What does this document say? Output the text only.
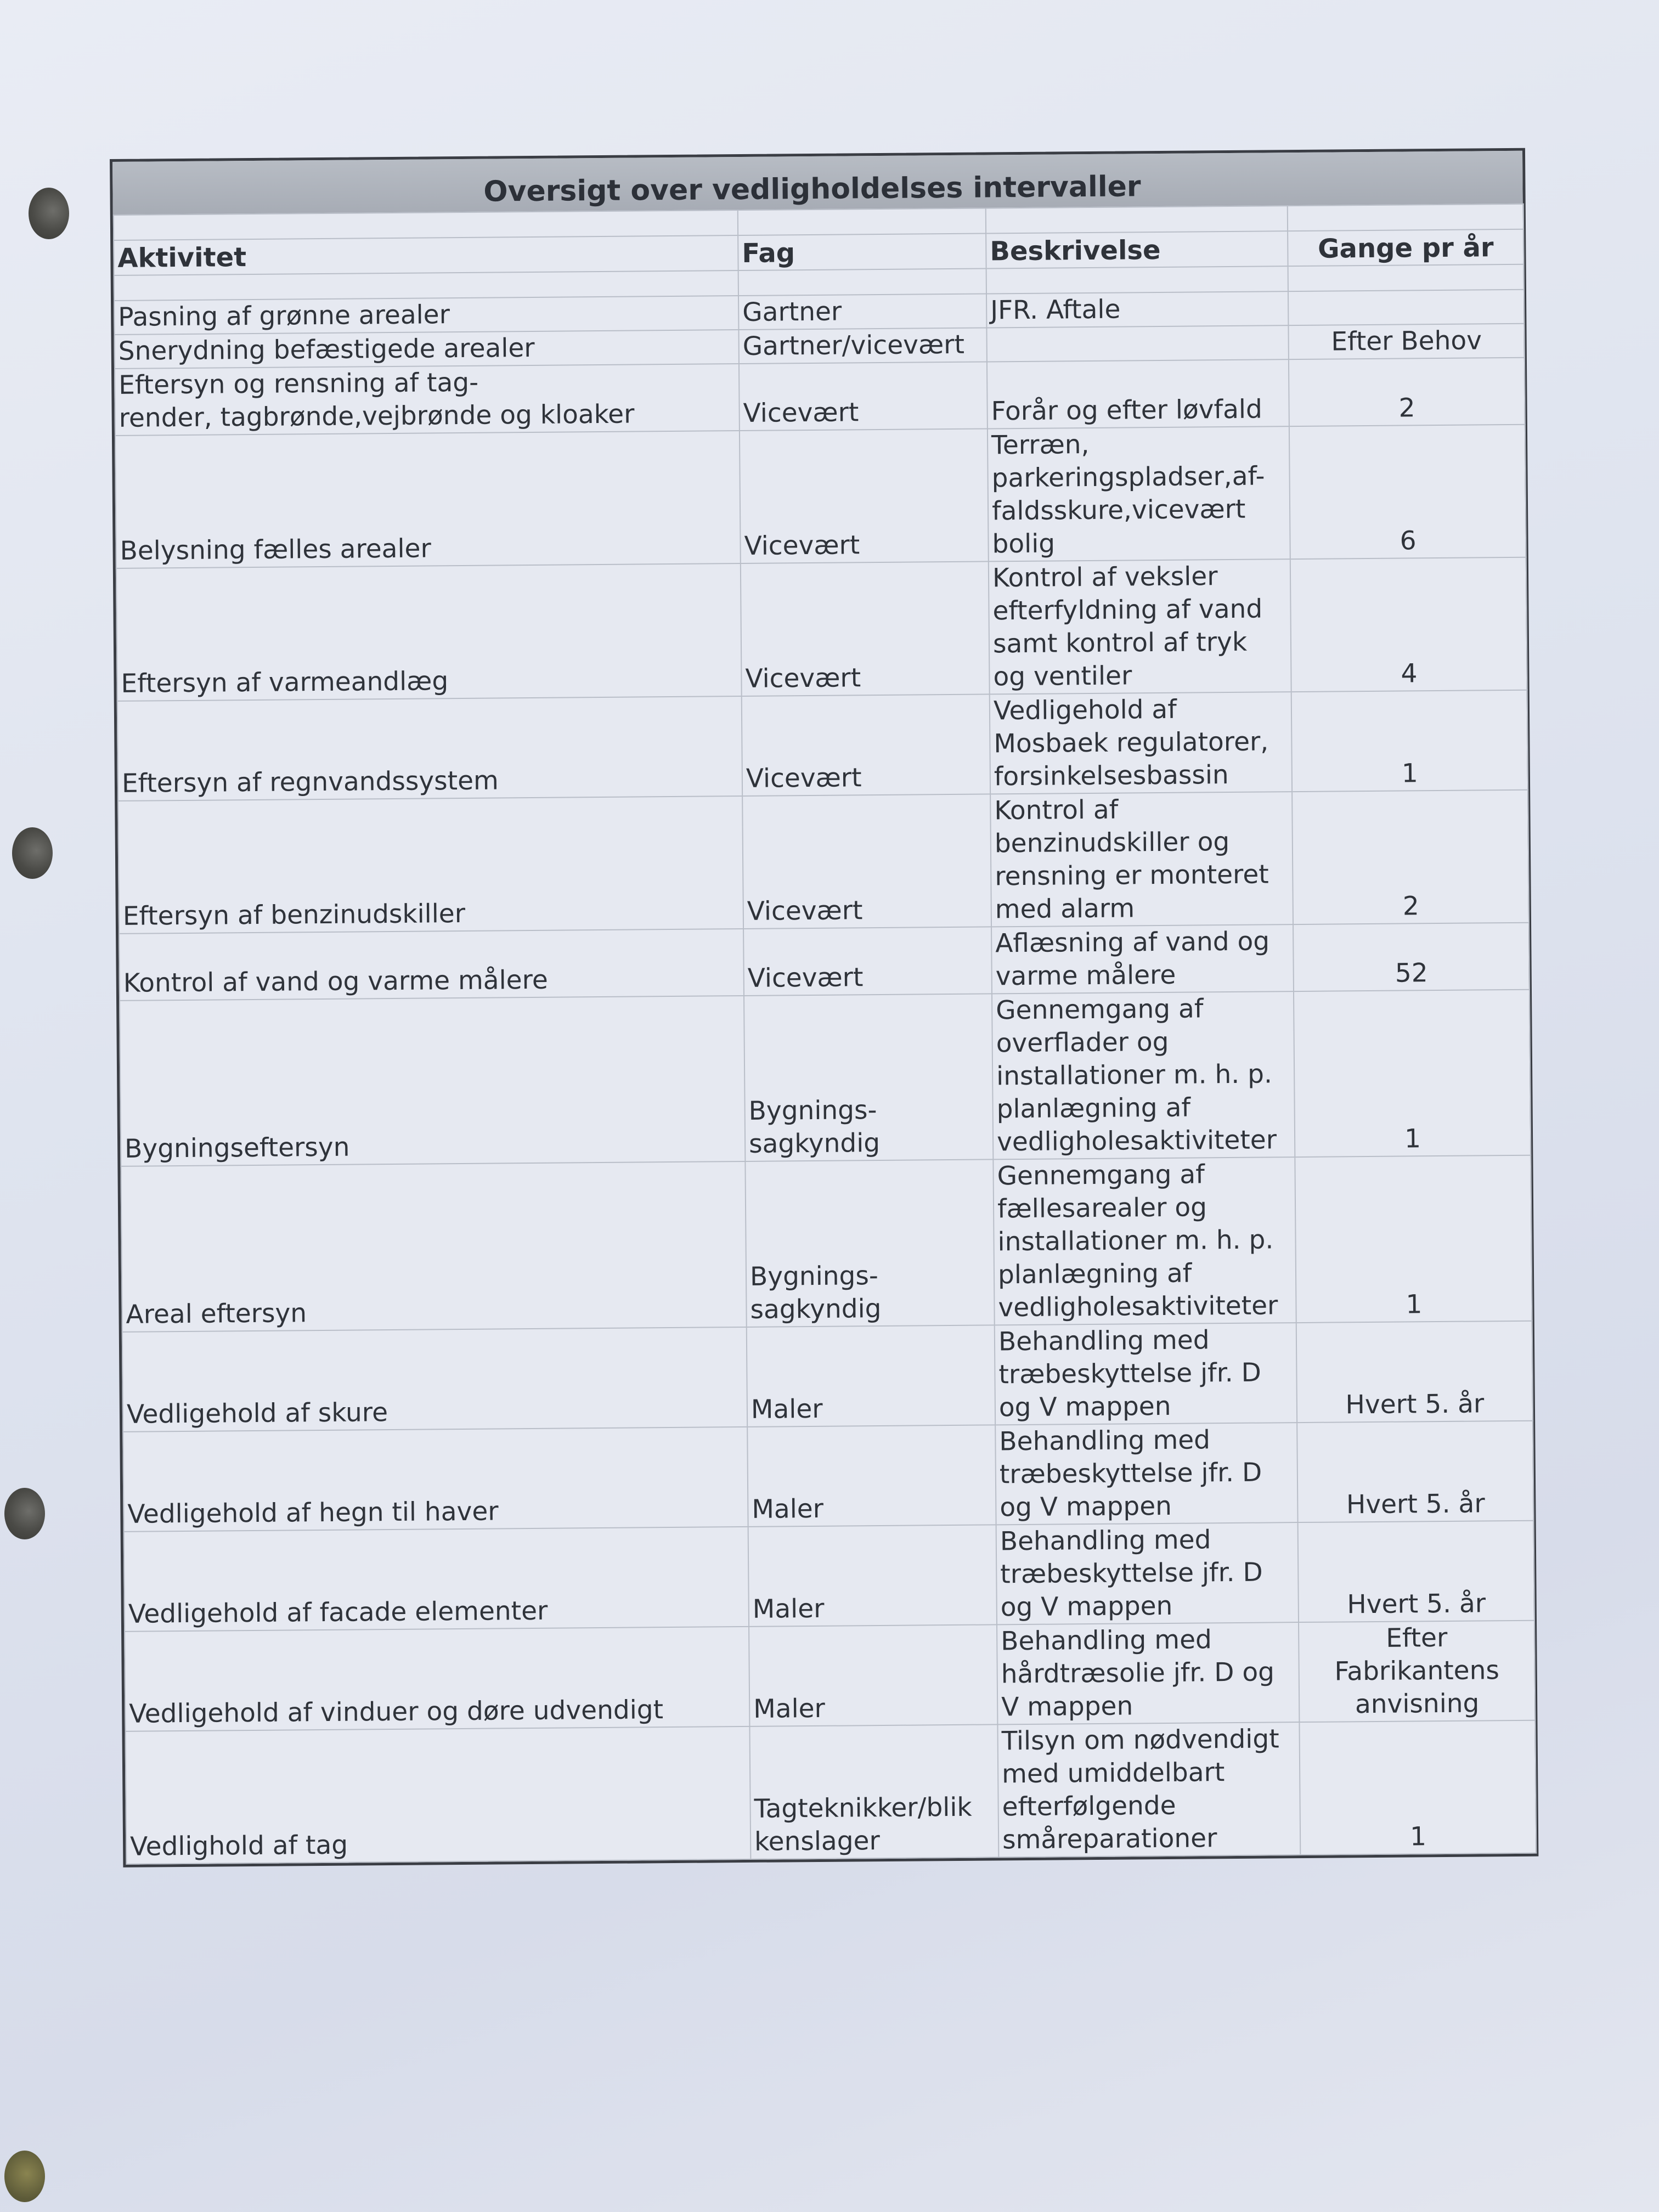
Oversigt over vedligholdelses intervaller

Aktivitet	Fag	Beskrivelse	Gange pr år

Pasning af grønne arealer	Gartner	JFR. Aftale	
Snerydning befæstigede arealer	Gartner/vicevært		Efter Behov
Eftersyn og rensning af tag-
render, tagbrønde,vejbrønde og kloaker	Vicevært	Forår og efter løvfald	2
Belysning fælles arealer	Vicevært	Terræn,
parkeringspladser,af-
faldsskure,vicevært
bolig	6
Eftersyn af varmeandlæg	Vicevært	Kontrol af veksler
efterfyldning af vand
samt kontrol af tryk
og ventiler	4
Eftersyn af regnvandssystem	Vicevært	Vedligehold af
Mosbaek regulatorer,
forsinkelsesbassin	1
Eftersyn af benzinudskiller	Vicevært	Kontrol af
benzinudskiller og
rensning er monteret
med alarm	2
Kontrol af vand og varme målere	Vicevært	Aflæsning af vand og
varme målere	52
Bygningseftersyn	Bygnings-
sagkyndig	Gennemgang af
overflader og
installationer m. h. p.
planlægning af
vedligholesaktiviteter	1
Areal eftersyn	Bygnings-
sagkyndig	Gennemgang af
fællesarealer og
installationer m. h. p.
planlægning af
vedligholesaktiviteter	1
Vedligehold af skure	Maler	Behandling med
træbeskyttelse jfr. D
og V mappen	Hvert 5. år
Vedligehold af hegn til haver	Maler	Behandling med
træbeskyttelse jfr. D
og V mappen	Hvert 5. år
Vedligehold af facade elementer	Maler	Behandling med
træbeskyttelse jfr. D
og V mappen	Hvert 5. år
Vedligehold af vinduer og døre udvendigt	Maler	Behandling med
hårdtræsolie jfr. D og
V mappen	Efter
Fabrikantens
anvisning
Vedlighold af tag	Tagteknikker/blik
kenslager	Tilsyn om nødvendigt
med umiddelbart
efterfølgende
småreparationer	1
